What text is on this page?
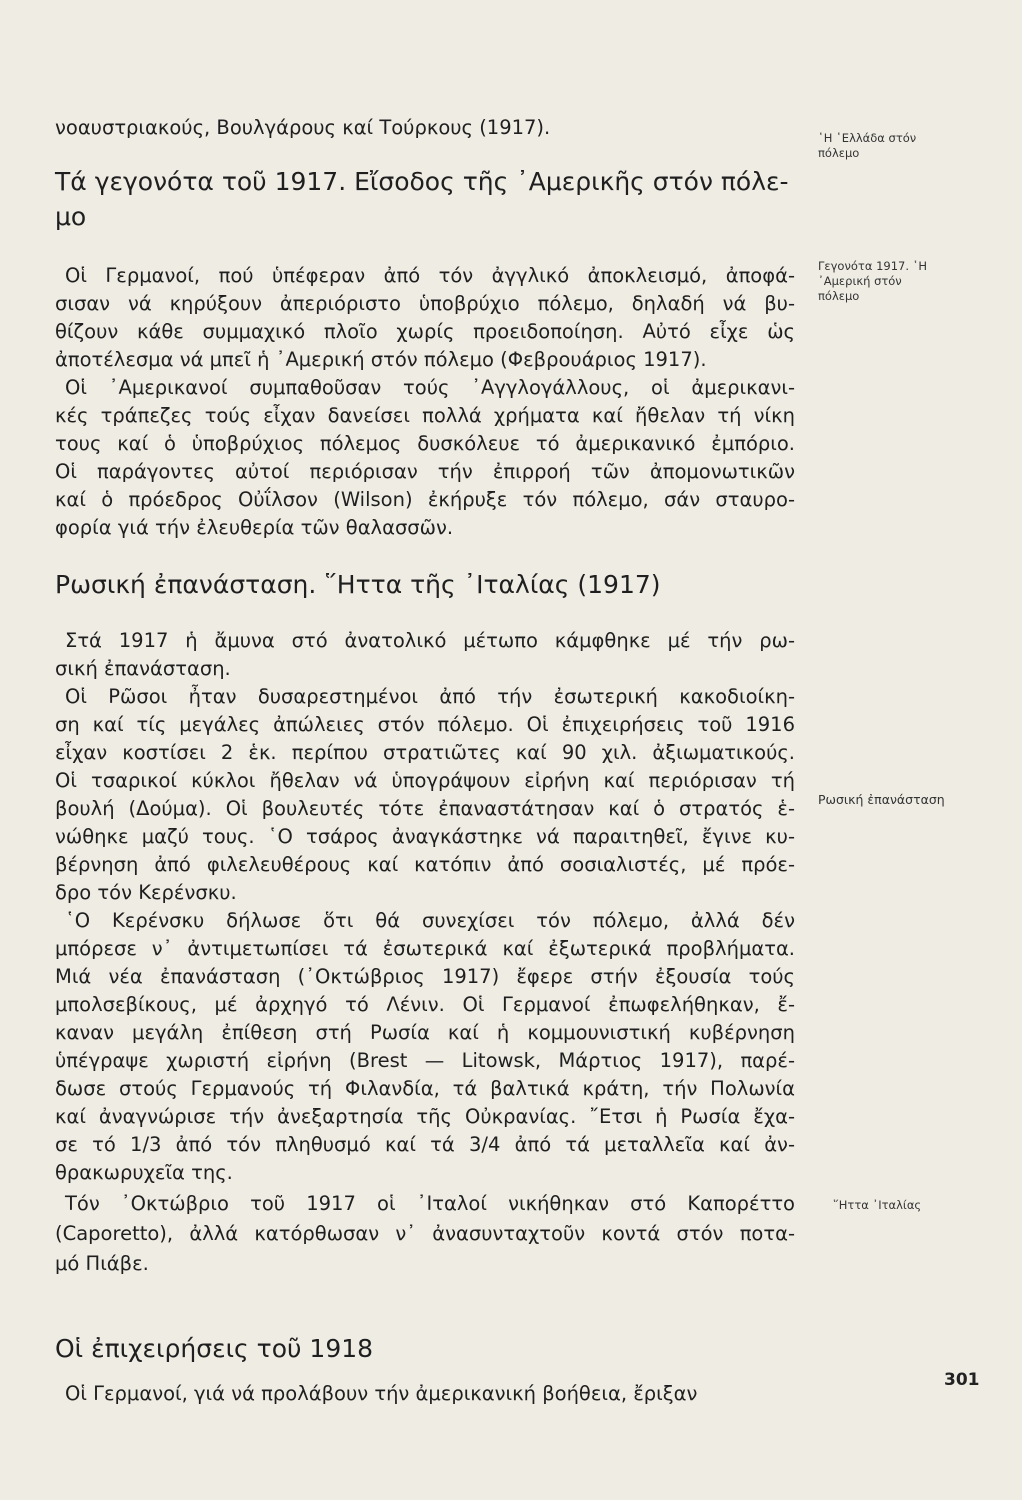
νοαυστριακούς, Βουλγάρους καί Τούρκους (1917).
Τά γεγονότα τοῦ 1917. Εἴσοδος τῆς ᾿Αμερικῆς στόν πόλε-
μο
Οἱ Γερμανοί, πού ὑπέφεραν ἀπό τόν ἀγγλικό ἀποκλεισμό, ἀποφά-
σισαν νά κηρύξουν ἀπεριόριστο ὑποβρύχιο πόλεμο, δηλαδή νά βυ-
θίζουν κάθε συμμαχικό πλοῖο χωρίς προειδοποίηση. Αὐτό εἶχε ὡς
ἀποτέλεσμα νά μπεῖ ἡ ᾿Αμερική στόν πόλεμο (Φεβρουάριος 1917).
Οἱ ᾿Αμερικανοί συμπαθοῦσαν τούς ᾿Αγγλογάλλους, οἱ ἀμερικανι-
κές τράπεζες τούς εἶχαν δανείσει πολλά χρήματα καί ἤθελαν τή νίκη
τους καί ὁ ὑποβρύχιος πόλεμος δυσκόλευε τό ἀμερικανικό ἐμπόριο.
Οἱ παράγοντες αὐτοί περιόρισαν τήν ἐπιρροή τῶν ἀπομονωτικῶν
καί ὁ πρόεδρος Οὐΐλσον (Wilson) ἐκήρυξε τόν πόλεμο, σάν σταυρο-
φορία γιά τήν ἐλευθερία τῶν θαλασσῶν.
Ρωσική ἐπανάσταση. ῞Ηττα τῆς ᾿Ιταλίας (1917)
Στά 1917 ἡ ἄμυνα στό ἀνατολικό μέτωπο κάμφθηκε μέ τήν ρω-
σική ἐπανάσταση.
Οἱ Ρῶσοι ἦταν δυσαρεστημένοι ἀπό τήν ἐσωτερική κακοδιοίκη-
ση καί τίς μεγάλες ἀπώλειες στόν πόλεμο. Οἱ ἐπιχειρήσεις τοῦ 1916
εἶχαν κοστίσει 2 ἑκ. περίπου στρατιῶτες καί 90 χιλ. ἀξιωματικούς.
Οἱ τσαρικοί κύκλοι ἤθελαν νά ὑπογράψουν εἰρήνη καί περιόρισαν τή
βουλή (Δούμα). Οἱ βουλευτές τότε ἐπαναστάτησαν καί ὁ στρατός ἑ-
νώθηκε μαζύ τους. ῾Ο τσάρος ἀναγκάστηκε νά παραιτηθεῖ, ἔγινε κυ-
βέρνηση ἀπό φιλελευθέρους καί κατόπιν ἀπό σοσιαλιστές, μέ πρόε-
δρο τόν Κερένσκυ.
῾Ο Κερένσκυ δήλωσε ὅτι θά συνεχίσει τόν πόλεμο, ἀλλά δέν
μπόρεσε ν᾿ ἀντιμετωπίσει τά ἐσωτερικά καί ἐξωτερικά προβλήματα.
Μιά νέα ἐπανάσταση (᾿Οκτώβριος 1917) ἔφερε στήν ἐξουσία τούς
μπολσεβίκους, μέ ἀρχηγό τό Λένιν. Οἱ Γερμανοί ἐπωφελήθηκαν, ἔ-
καναν μεγάλη ἐπίθεση στή Ρωσία καί ἡ κομμουνιστική κυβέρνηση
ὑπέγραψε χωριστή εἰρήνη (Brest — Litowsk, Μάρτιος 1917), παρέ-
δωσε στούς Γερμανούς τή Φιλανδία, τά βαλτικά κράτη, τήν Πολωνία
καί ἀναγνώρισε τήν ἀνεξαρτησία τῆς Οὐκρανίας. ῎Ετσι ἡ Ρωσία ἔχα-
σε τό 1/3 ἀπό τόν πληθυσμό καί τά 3/4 ἀπό τά μεταλλεῖα καί ἀν-
θρακωρυχεῖα της.
Τόν ᾿Οκτώβριο τοῦ 1917 οἱ ᾿Ιταλοί νικήθηκαν στό Καπορέττο
(Caporetto), ἀλλά κατόρθωσαν ν᾿ ἀνασυνταχτοῦν κοντά στόν ποτα-
μό Πιάβε.
Οἱ ἐπιχειρήσεις τοῦ 1918
Οἱ Γερμανοί, γιά νά προλάβουν τήν ἀμερικανική βοήθεια, ἔριξαν
῾Η ῾Ελλάδα στόν
πόλεμο
Γεγονότα 1917. ῾Η
᾿Αμερική στόν
πόλεμο
Ρωσική ἐπανάσταση
῞Ηττα ᾿Ιταλίας
301
